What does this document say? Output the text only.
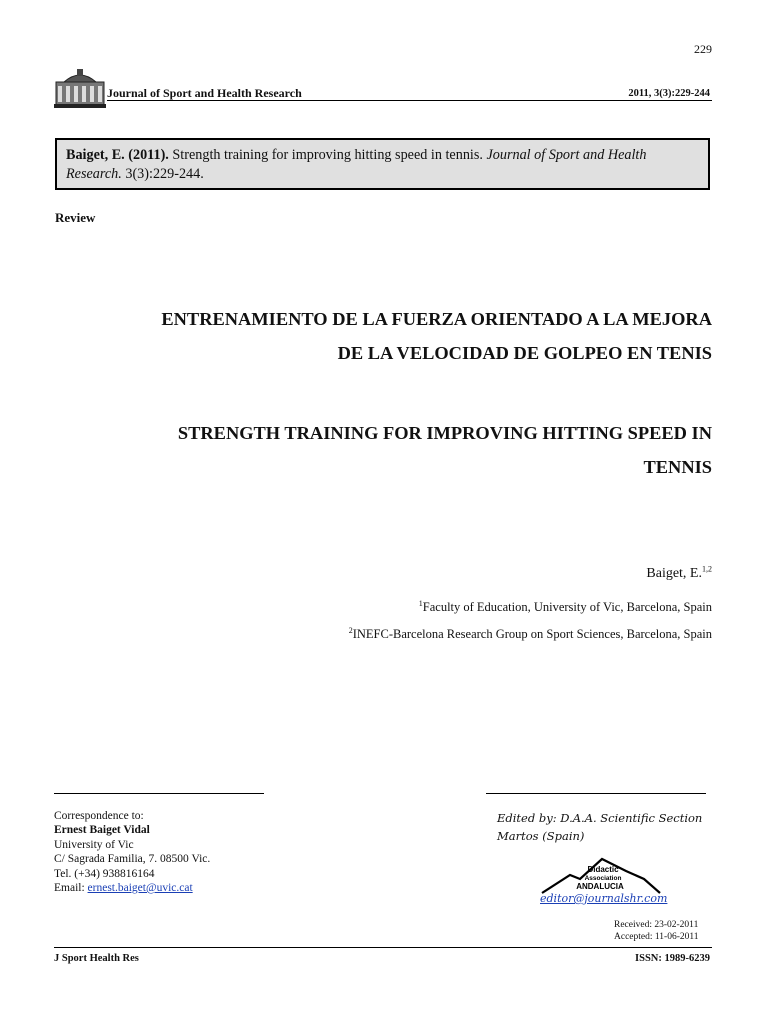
229
Journal of Sport and Health Research	2011, 3(3):229-244
Baiget, E. (2011). Strength training for improving hitting speed in tennis. Journal of Sport and Health Research. 3(3):229-244.
Review
ENTRENAMIENTO DE LA FUERZA ORIENTADO A LA MEJORA
DE LA VELOCIDAD DE GOLPEO EN TENIS
STRENGTH TRAINING FOR IMPROVING HITTING SPEED IN
TENNIS
Baiget, E.$^{1,2}$
$^1$Faculty of Education, University of Vic, Barcelona, Spain
$^2$INEFC-Barcelona Research Group on Sport Sciences, Barcelona, Spain
Correspondence to:
Ernest Baiget Vidal
University of Vic
C/ Sagrada Familia, 7. 08500 Vic.
Tel. (+34) 938816164
Email: ernest.baiget@uvic.cat
Edited by: D.A.A. Scientific Section
Martos (Spain)
Didactic
Association
ANDALUCIA
editor@journalshr.com
Received: 23-02-2011
Accepted: 11-06-2011
J Sport Health Res	ISSN: 1989-6239
